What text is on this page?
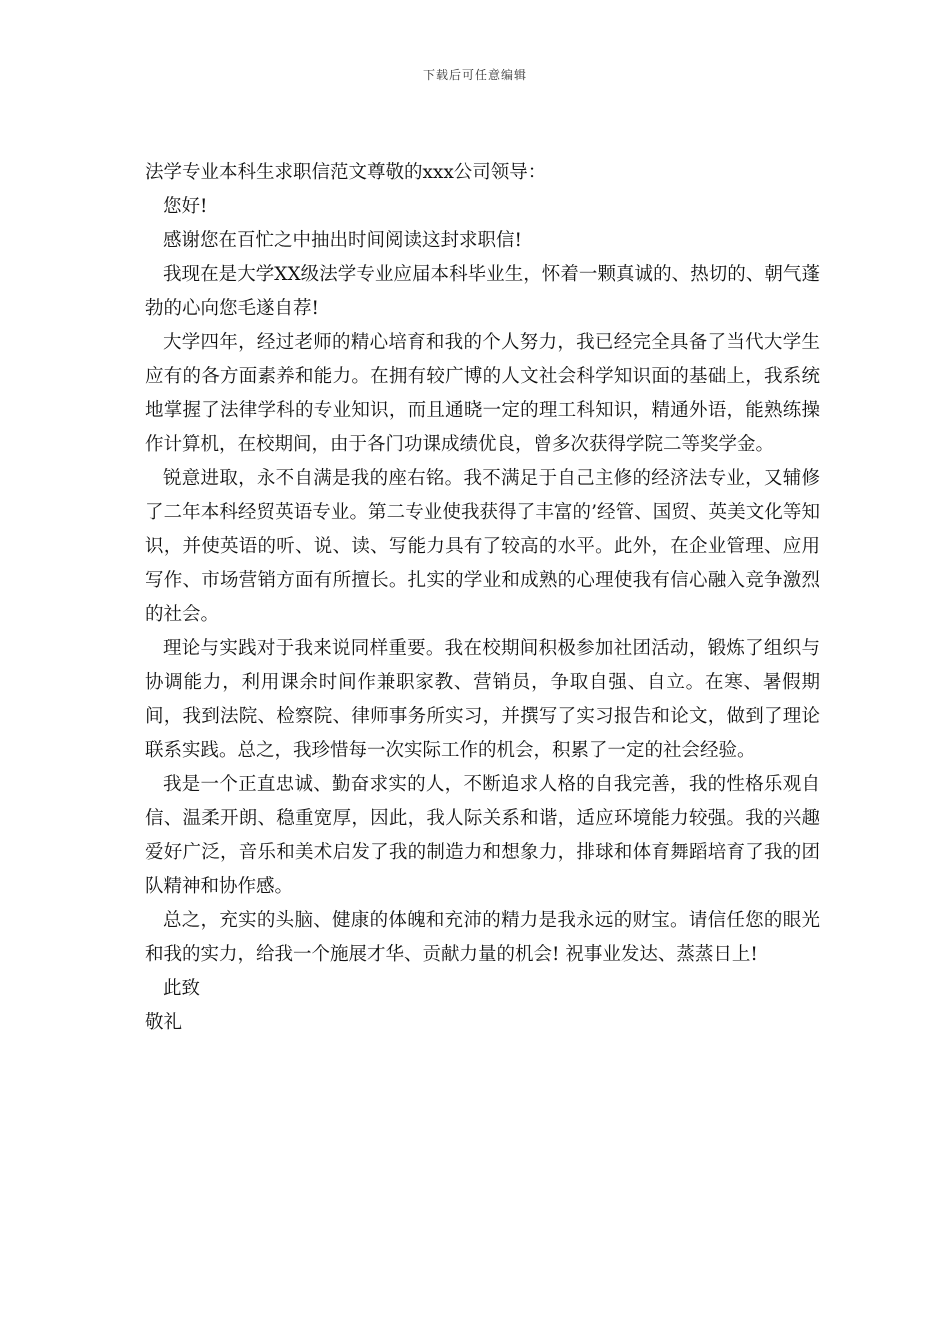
下载后可任意编辑

法学专业本科生求职信范文尊敬的xxx公司领导：

您好!

感谢您在百忙之中抽出时间阅读这封求职信!

我现在是大学XX级法学专业应届本科毕业生，怀着一颗真诚的、热切的、朝气蓬勃的心向您毛遂自荐!

大学四年，经过老师的精心培育和我的个人努力，我已经完全具备了当代大学生应有的各方面素养和能力。在拥有较广博的人文社会科学知识面的基础上，我系统地掌握了法律学科的专业知识，而且通晓一定的理工科知识，精通外语，能熟练操作计算机，在校期间，由于各门功课成绩优良，曾多次获得学院二等奖学金。

锐意进取，永不自满是我的座右铭。我不满足于自己主修的经济法专业，又辅修了二年本科经贸英语专业。第二专业使我获得了丰富的’经管、国贸、英美文化等知识，并使英语的听、说、读、写能力具有了较高的水平。此外，在企业管理、应用写作、市场营销方面有所擅长。扎实的学业和成熟的心理使我有信心融入竞争激烈的社会。

理论与实践对于我来说同样重要。我在校期间积极参加社团活动，锻炼了组织与协调能力，利用课余时间作兼职家教、营销员，争取自强、自立。在寒、暑假期间，我到法院、检察院、律师事务所实习，并撰写了实习报告和论文，做到了理论联系实践。总之，我珍惜每一次实际工作的机会，积累了一定的社会经验。

我是一个正直忠诚、勤奋求实的人，不断追求人格的自我完善，我的性格乐观自信、温柔开朗、稳重宽厚，因此，我人际关系和谐，适应环境能力较强。我的兴趣爱好广泛，音乐和美术启发了我的制造力和想象力，排球和体育舞蹈培育了我的团队精神和协作感。

总之，充实的头脑、健康的体魄和充沛的精力是我永远的财宝。请信任您的眼光和我的实力，给我一个施展才华、贡献力量的机会! 祝事业发达、蒸蒸日上!

此致

敬礼
